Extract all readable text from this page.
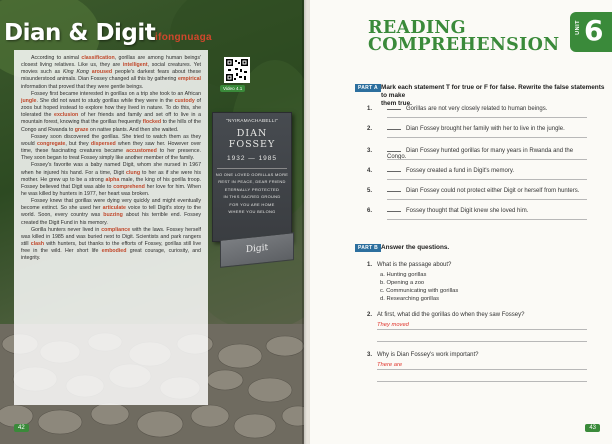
Dian & Digit ifongnuaga

According to animal classification, gorillas are among human beings' closest living relatives. Like us, they are intelligent, social creatures. Yet movies such as King Kong aroused people's darkest fears about these misunderstood animals. Dian Fossey changed all this by gathering empirical information that proved that they were gentle beings.

Fossey first became interested in gorillas on a trip she took to an African jungle. She did not want to study gorillas while they were in the custody of zoos but hoped instead to explore how they lived in nature. To do this, she tolerated the exclusion of her friends and family and set off to live in a mountain forest, knowing that the gorillas frequently flocked to the hills of the Congo and Rwanda to graze on native plants. And then she waited.

Fossey soon discovered the gorillas. She tried to watch them as they would congregate, but they dispersed when they saw her. However over time, these fascinating creatures became accustomed to her presence. They soon began to treat Fossey simply like another member of the family.

Fossey's favorite was a baby named Digit, whom she nursed in 1967 when he injured his hand. For a time, Digit clung to her as if she were his mother. He grew up to be a strong alpha male, the king of his gorilla troop. Fossey believed that Digit was able to comprehend her love for him. When he was killed by hunters in 1977, her heart was broken.

Fossey knew that gorillas were dying very quickly and might eventually become extinct. So she used her articulate voice to tell Digit's story to the world. Soon, every country was buzzing about his terrible end. Fossey created the Digit Fund in his memory.

Gorilla hunters never lived in compliance with the laws. Fossey herself was killed in 1985 and was buried next to Digit. Scientists and park rangers still clash with hunters, but thanks to the efforts of Fossey, gorillas still live free in the wild. Her short life embodied great courage, curiosity, and integrity.

Video 4.1
"NYIRAMACHABELLI"
DIAN FOSSEY
1932 — 1985
NO ONE LOVED GORILLAS MORE
REST IN PEACE, DEAR FRIEND
ETERNALLY PROTECTED
IN THIS SACRED GROUND
FOR YOU ARE HOME
WHERE YOU BELONG
Digit
42
READING
COMPREHENSION
UNIT 6
PART A Mark each statement T for true or F for false. Rewrite the false statements to make
them true.
1.	Gorillas are not very closely related to human beings.
2.	Dian Fossey brought her family with her to live in the jungle.
3.	Dian Fossey hunted gorillas for many years in Rwanda and the Congo.
4.	Fossey created a fund in Digit's memory.
5.	Dian Fossey could not protect either Digit or herself from hunters.
6.	Fossey thought that Digit knew she loved him.
PART B Answer the questions.
1. What is the passage about?
a. Hunting gorillas
b. Opening a zoo
c. Communicating with gorillas
d. Researching gorillas
2. At first, what did the gorillas do when they saw Fossey?
They moved
3. Why is Dian Fossey's work important?
There are
43
